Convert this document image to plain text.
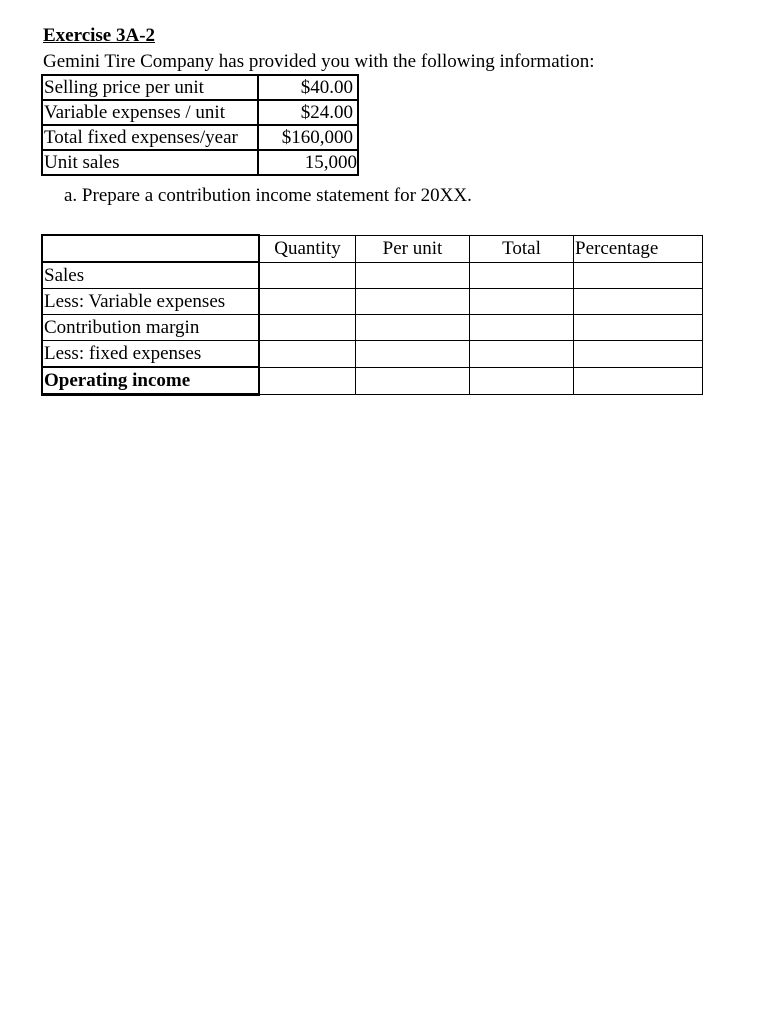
Exercise 3A-2
Gemini Tire Company has provided you with the following information:
Selling price per unit	$40.00
Variable expenses / unit	$24.00
Total fixed expenses/year	$160,000
Unit sales	15,000
a. Prepare a contribution income statement for 20XX.
	Quantity	Per unit	Total	Percentage
Sales				
Less: Variable expenses				
Contribution margin				
Less: fixed expenses				
Operating income				
